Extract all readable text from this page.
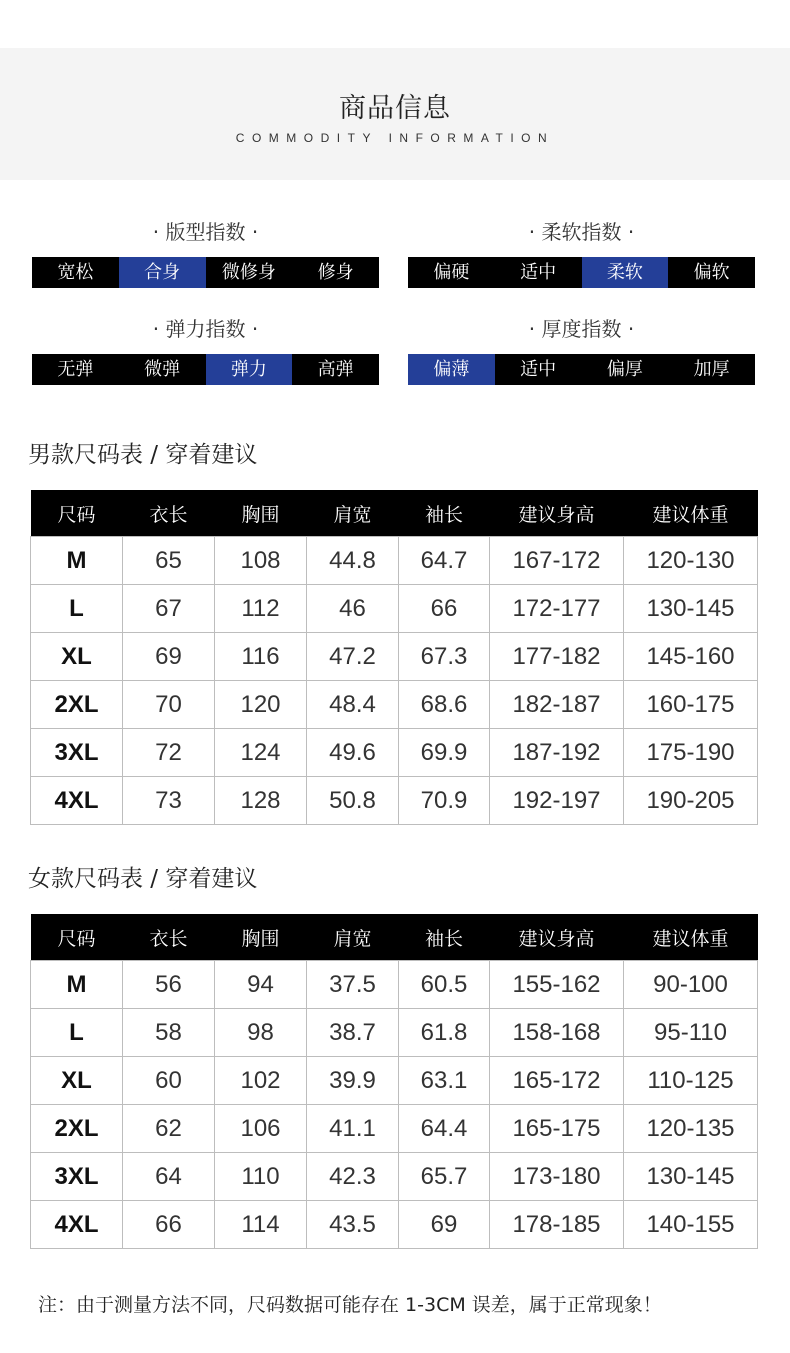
商品信息
COMMODITY INFORMATION
· 版型指数 ·
宽松	合身	微修身	修身
· 柔软指数 ·
偏硬	适中	柔软	偏软
· 弹力指数 ·
无弹	微弹	弹力	高弹
· 厚度指数 ·
偏薄	适中	偏厚	加厚
男款尺码表 / 穿着建议
尺码	衣长	胸围	肩宽	袖长	建议身高	建议体重
M	65	108	44.8	64.7	167-172	120-130
L	67	112	46	66	172-177	130-145
XL	69	116	47.2	67.3	177-182	145-160
2XL	70	120	48.4	68.6	182-187	160-175
3XL	72	124	49.6	69.9	187-192	175-190
4XL	73	128	50.8	70.9	192-197	190-205
女款尺码表 / 穿着建议
尺码	衣长	胸围	肩宽	袖长	建议身高	建议体重
M	56	94	37.5	60.5	155-162	90-100
L	58	98	38.7	61.8	158-168	95-110
XL	60	102	39.9	63.1	165-172	110-125
2XL	62	106	41.1	64.4	165-175	120-135
3XL	64	110	42.3	65.7	173-180	130-145
4XL	66	114	43.5	69	178-185	140-155
注：由于测量方法不同，尺码数据可能存在 1-3CM 误差，属于正常现象！
